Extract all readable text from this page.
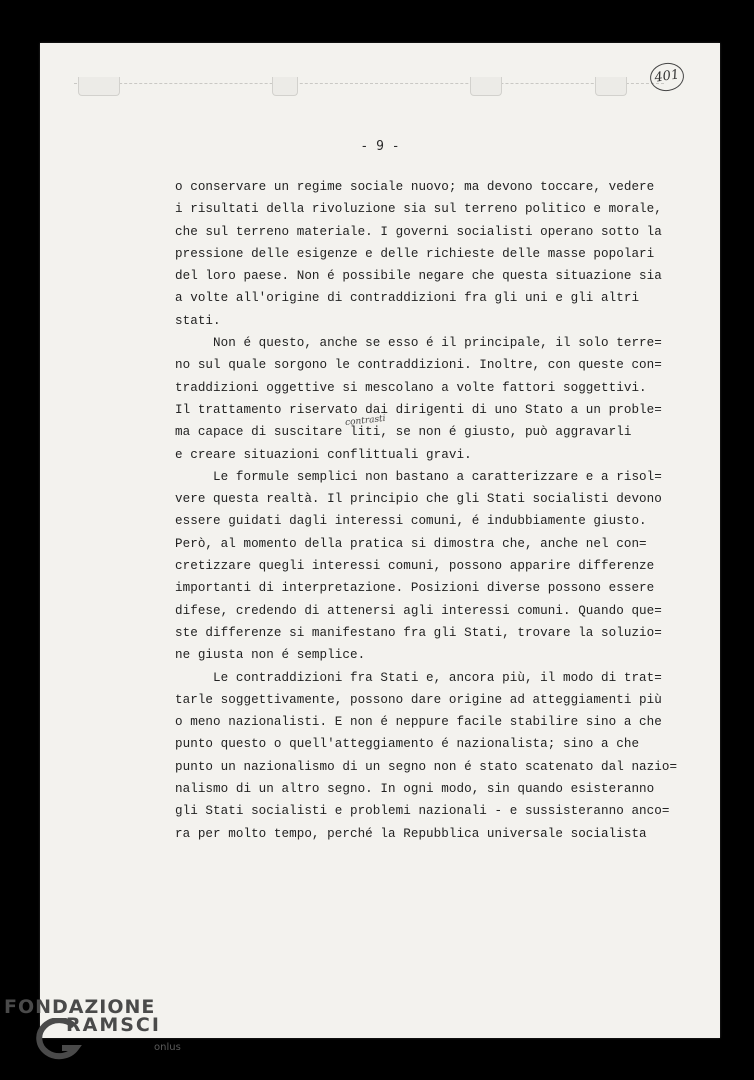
401
- 9 -
contrasti
o conservare un regime sociale nuovo; ma devono toccare, vedere
i risultati della rivoluzione sia sul terreno politico e morale,
che sul terreno materiale. I governi socialisti operano sotto la
pressione delle esigenze e delle richieste delle masse popolari
del loro paese. Non é possibile negare che questa situazione sia
a volte all'origine di contraddizioni fra gli uni e gli altri
stati.
Non é questo, anche se esso é il principale, il solo terre=
no sul quale sorgono le contraddizioni. Inoltre, con queste con=
traddizioni oggettive si mescolano a volte fattori soggettivi.
Il trattamento riservato dai dirigenti di uno Stato a un proble=
ma capace di suscitare liti, se non é giusto, può aggravarli
e creare situazioni conflittuali gravi.
Le formule semplici non bastano a caratterizzare e a risol=
vere questa realtà. Il principio che gli Stati socialisti devono
essere guidati dagli interessi comuni, é indubbiamente giusto.
Però, al momento della pratica si dimostra che, anche nel con=
cretizzare quegli interessi comuni, possono apparire differenze
importanti di interpretazione. Posizioni diverse possono essere
difese, credendo di attenersi agli interessi comuni. Quando que=
ste differenze si manifestano fra gli Stati, trovare la soluzio=
ne giusta non é semplice.
Le contraddizioni fra Stati e, ancora più, il modo di trat=
tarle soggettivamente, possono dare origine ad atteggiamenti più
o meno nazionalisti. E non é neppure facile stabilire sino a che
punto questo o quell'atteggiamento é nazionalista; sino a che
punto un nazionalismo di un segno non é stato scatenato dal nazio=
nalismo di un altro segno. In ogni modo, sin quando esisteranno
gli Stati socialisti e problemi nazionali - e sussisteranno anco=
ra per molto tempo, perché la Repubblica universale socialista
FONDAZIONE
RAMSCI
onlus
